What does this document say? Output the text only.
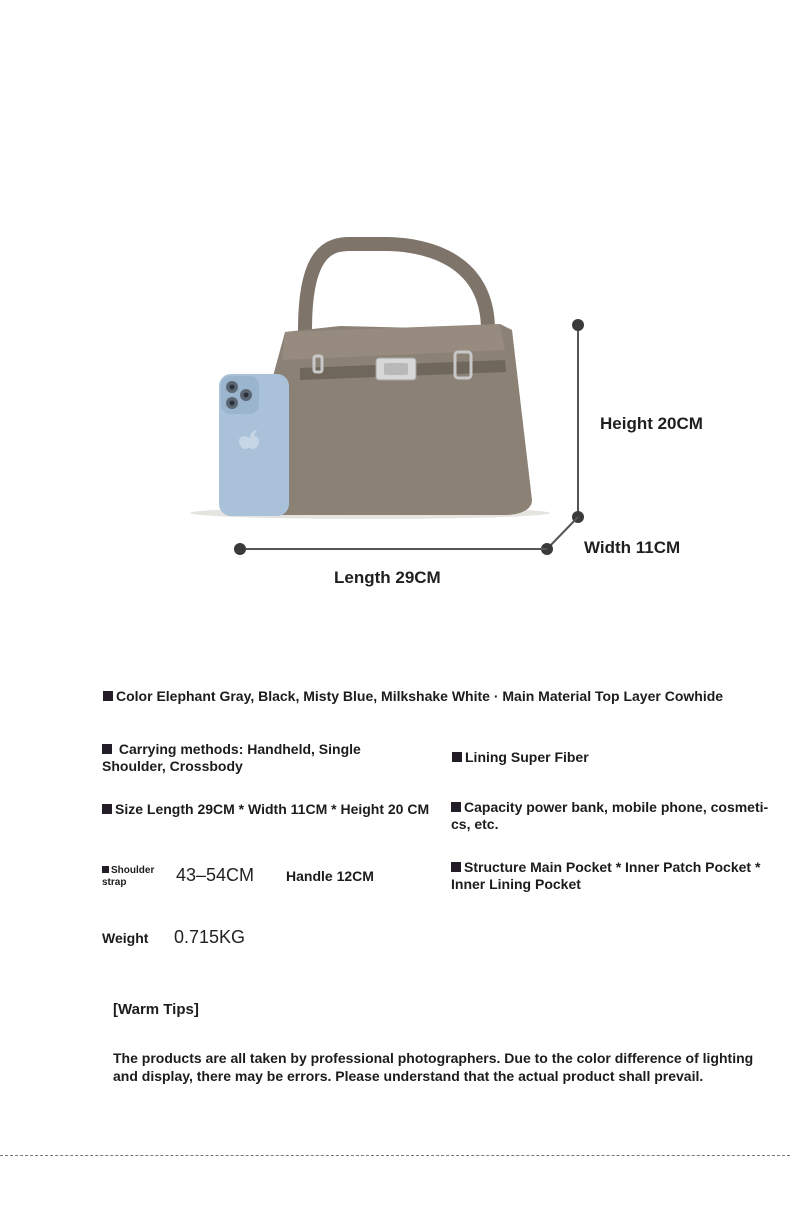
Height 20CM
Width 11CM
Length 29CM
Color Elephant Gray, Black, Misty Blue, Milkshake White · Main Material Top Layer Cowhide
Carrying methods: Handheld, Single Shoulder, Crossbody
Lining Super Fiber
Size Length 29CM * Width 11CM * Height 20 CM	Capacity power bank, mobile phone, cosmeti-cs, etc.
Shoulder strap	43–54CM Handle 12CM
Structure Main Pocket * Inner Patch Pocket * Inner Lining Pocket
Weight 0.715KG
[Warm Tips]
The products are all taken by professional photographers. Due to the color difference of lighting and display, there may be errors. Please understand that the actual product shall prevail.
